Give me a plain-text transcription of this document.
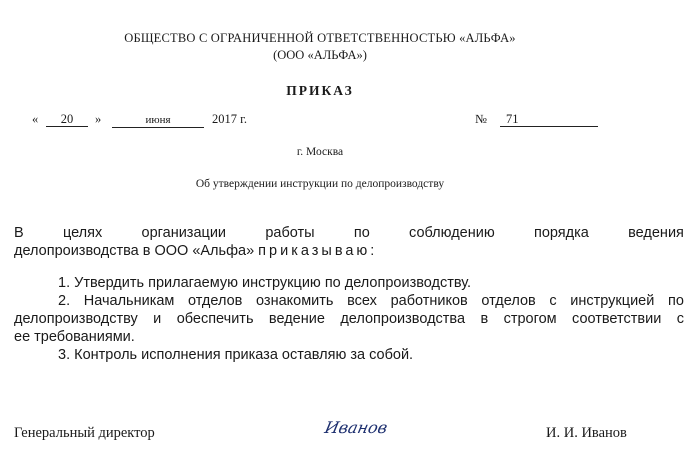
ОБЩЕСТВО С ОГРАНИЧЕННОЙ ОТВЕТСТВЕННОСТЬЮ «АЛЬФА»
(ООО «АЛЬФА»)
ПРИКАЗ
«	20	»	июня	2017 г.	№	71
г. Москва
Об утверждении инструкции по делопроизводству
В	целях	организации	работы	по	соблюдению	порядка	ведения
делопроизводства в ООО «Альфа» приказываю:
1. Утвердить прилагаемую инструкцию по делопроизводству.
2. Начальникам отделов ознакомить всех работников отделов с инструкцией по
делопроизводству и обеспечить ведение делопроизводства в строгом соответствии с
ее требованиями.
3. Контроль исполнения приказа оставляю за собой.
Генеральный директор	Иванов	И. И. Иванов
